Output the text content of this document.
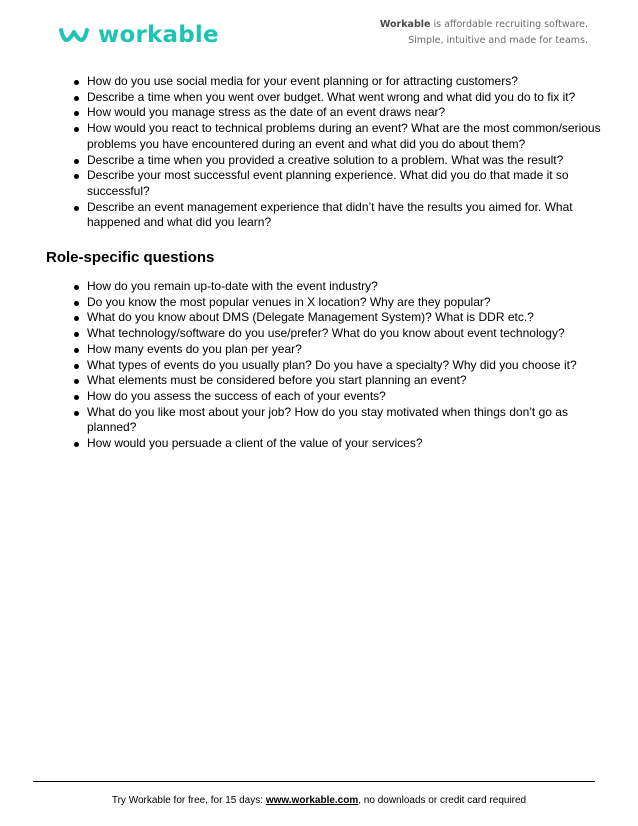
workable	Workable is affordable recruiting software.
Simple, intuitive and made for teams.
How do you use social media for your event planning or for attracting customers?
Describe a time when you went over budget. What went wrong and what did you do to fix it?
How would you manage stress as the date of an event draws near?
How would you react to technical problems during an event? What are the most common/serious problems you have encountered during an event and what did you do about them?
Describe a time when you provided a creative solution to a problem. What was the result?
Describe your most successful event planning experience. What did you do that made it so successful?
Describe an event management experience that didn’t have the results you aimed for. What happened and what did you learn?
Role-specific questions
How do you remain up-to-date with the event industry?
Do you know the most popular venues in X location? Why are they popular?
What do you know about DMS (Delegate Management System)? What is DDR etc.?
What technology/software do you use/prefer? What do you know about event technology?
How many events do you plan per year?
What types of events do you usually plan? Do you have a specialty? Why did you choose it?
What elements must be considered before you start planning an event?
How do you assess the success of each of your events?
What do you like most about your job? How do you stay motivated when things don’t go as planned?
How would you persuade a client of the value of your services?
Try Workable for free, for 15 days: www.workable.com, no downloads or credit card required
